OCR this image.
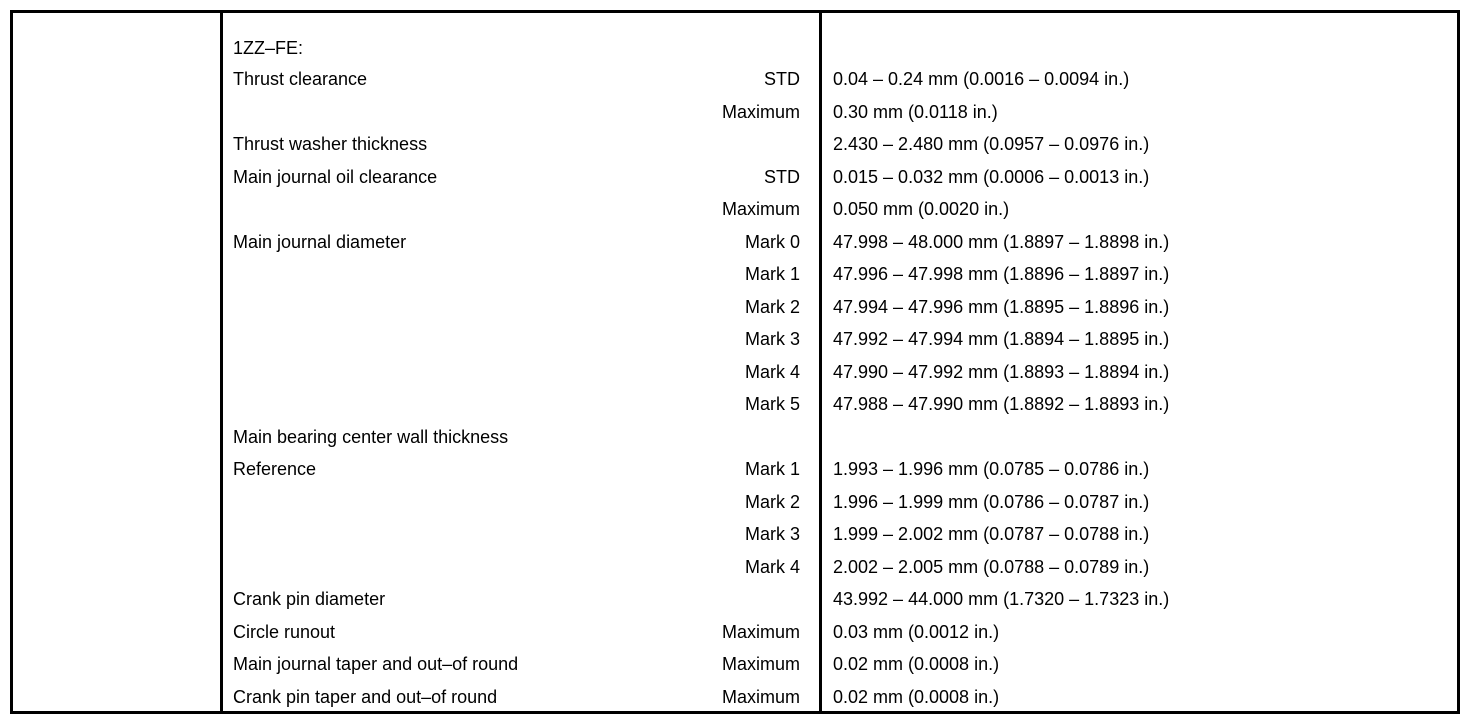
1ZZ–FE:
Thrust clearance	STD 0.04 – 0.24 mm (0.0016 – 0.0094 in.)
Maximum 0.30 mm (0.0118 in.)
Thrust washer thickness	2.430 – 2.480 mm (0.0957 – 0.0976 in.)
Main journal oil clearance	STD 0.015 – 0.032 mm (0.0006 – 0.0013 in.)
Maximum 0.050 mm (0.0020 in.)
Main journal diameter	Mark 0 47.998 – 48.000 mm (1.8897 – 1.8898 in.)
Mark 1 47.996 – 47.998 mm (1.8896 – 1.8897 in.)
Mark 2 47.994 – 47.996 mm (1.8895 – 1.8896 in.)
Mark 3 47.992 – 47.994 mm (1.8894 – 1.8895 in.)
Mark 4 47.990 – 47.992 mm (1.8893 – 1.8894 in.)
Mark 5 47.988 – 47.990 mm (1.8892 – 1.8893 in.)
Main bearing center wall thickness
Reference	Mark 1 1.993 – 1.996 mm (0.0785 – 0.0786 in.)
Mark 2 1.996 – 1.999 mm (0.0786 – 0.0787 in.)
Mark 3 1.999 – 2.002 mm (0.0787 – 0.0788 in.)
Mark 4 2.002 – 2.005 mm (0.0788 – 0.0789 in.)
Crank pin diameter	43.992 – 44.000 mm (1.7320 – 1.7323 in.)
Circle runout	Maximum 0.03 mm (0.0012 in.)
Main journal taper and out–of round	Maximum 0.02 mm (0.0008 in.)
Crank pin taper and out–of round	Maximum 0.02 mm (0.0008 in.)
